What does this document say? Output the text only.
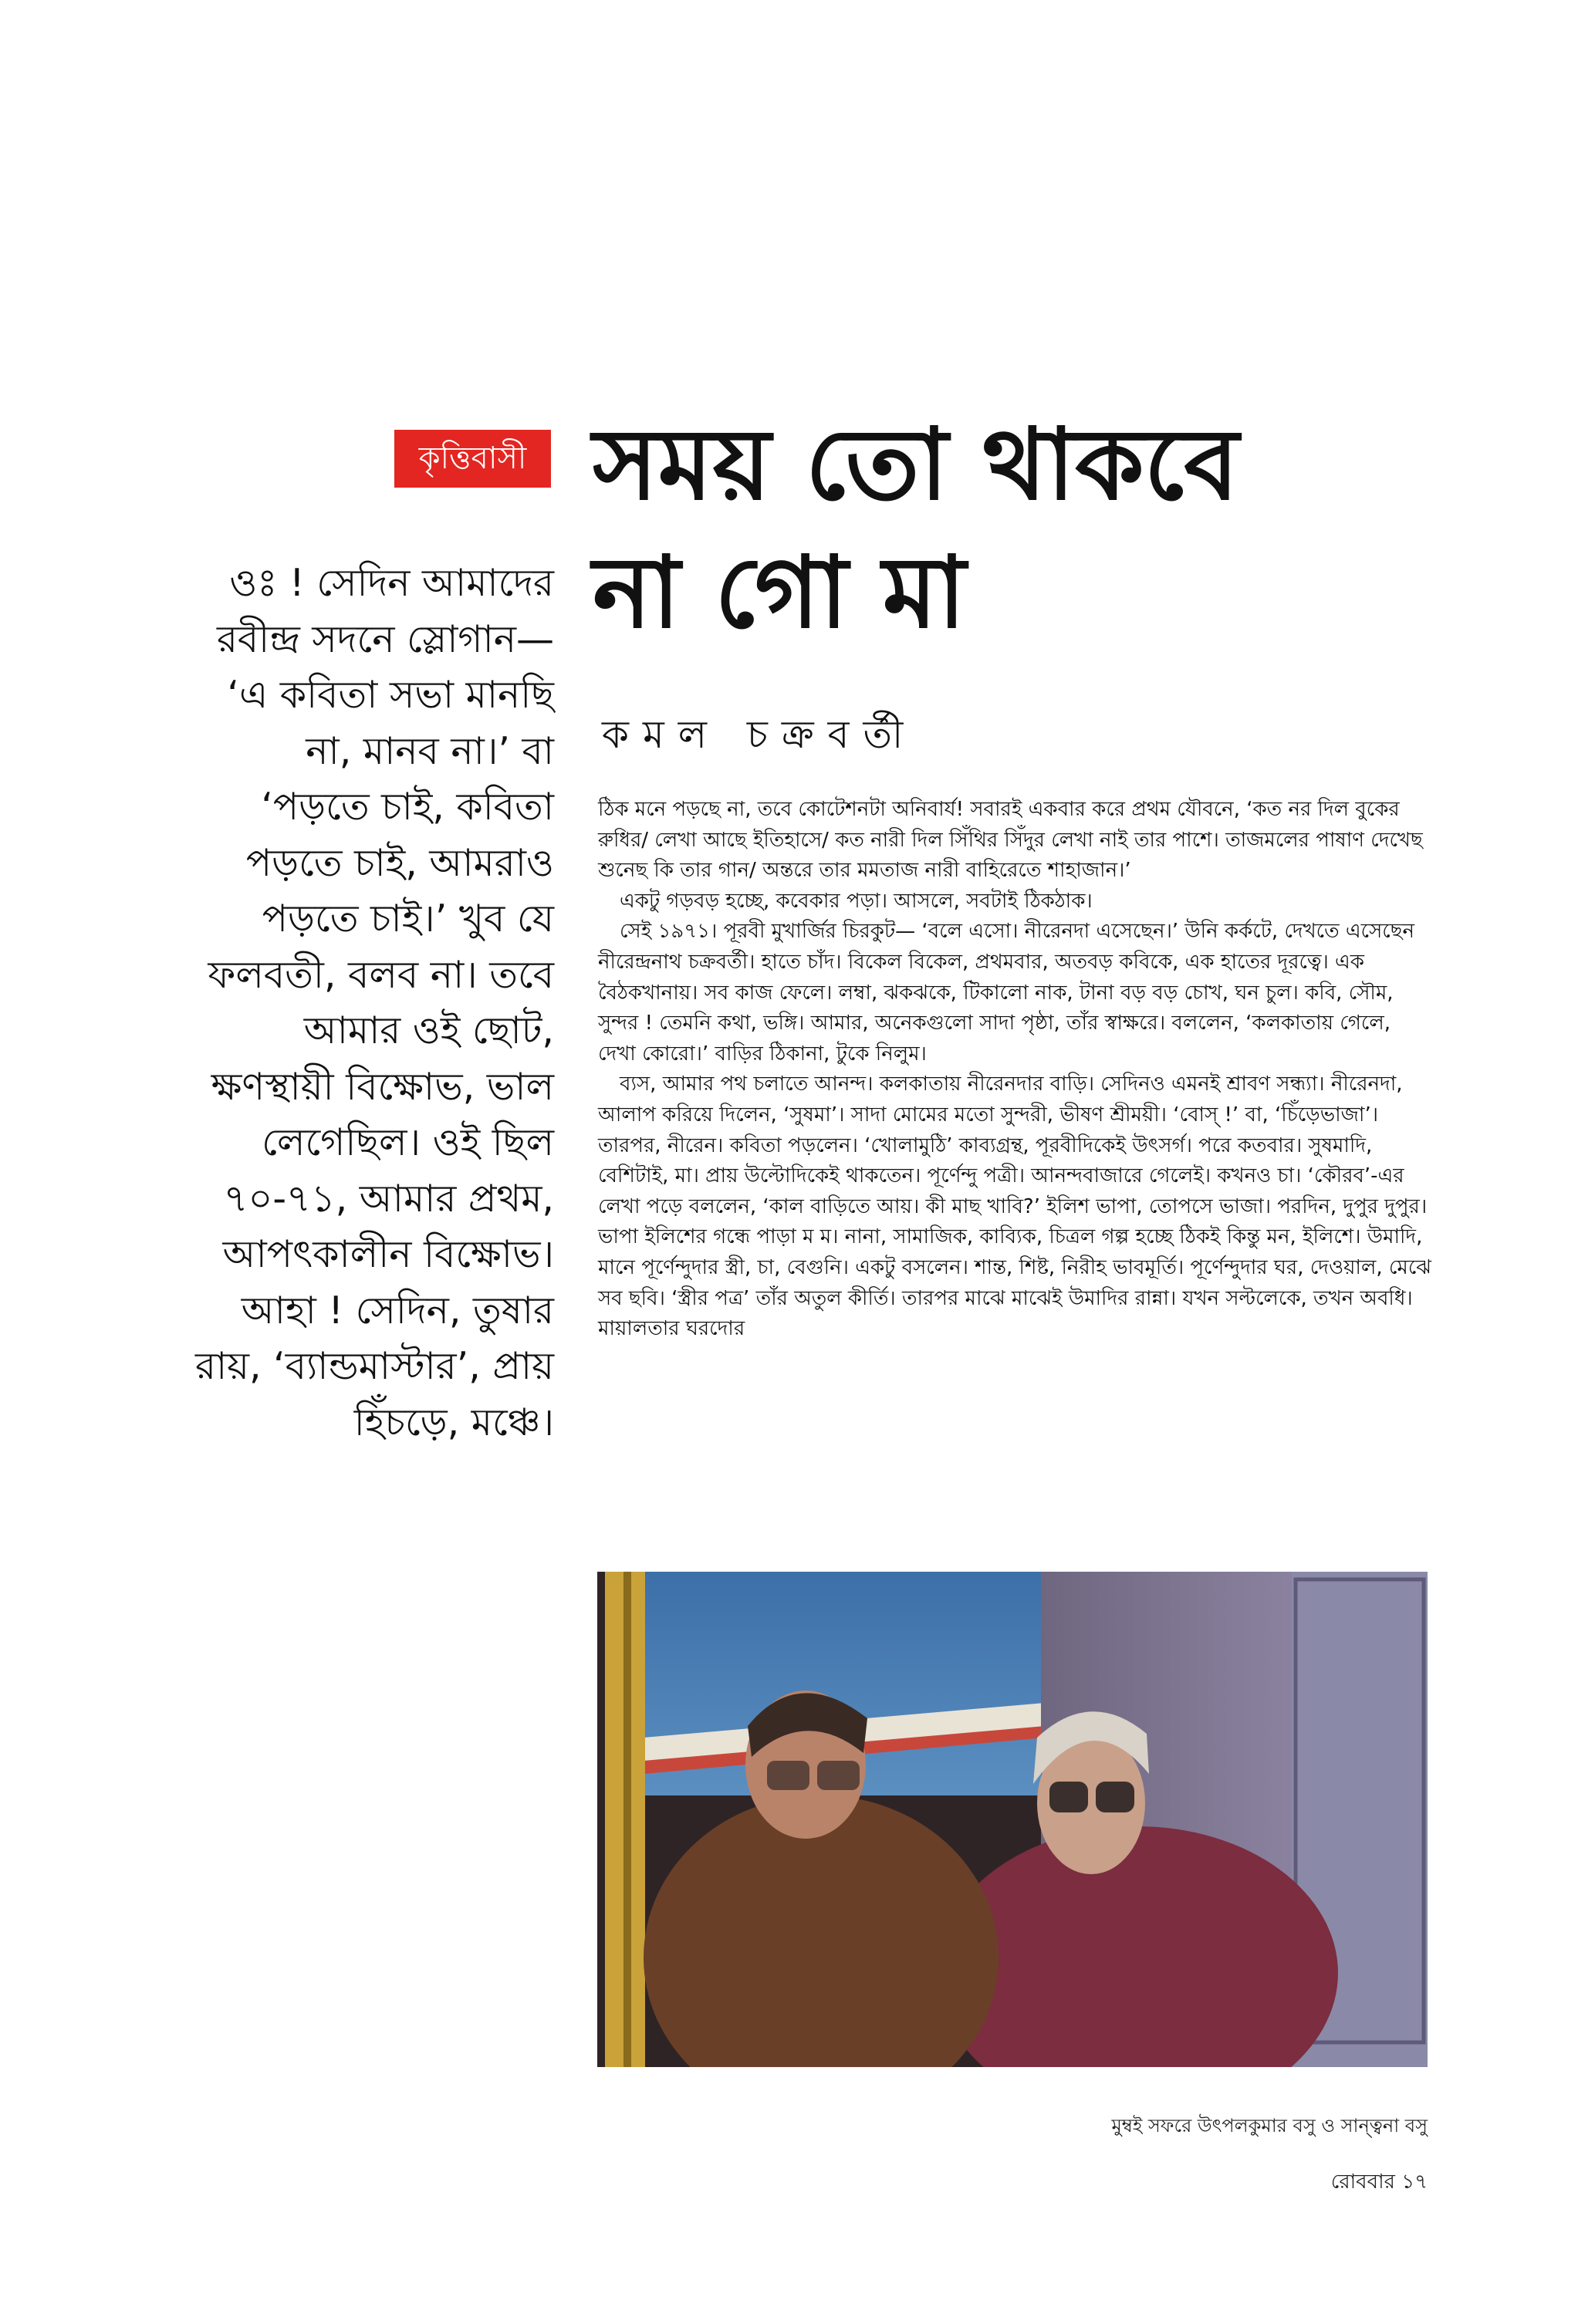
কৃত্তিবাসী সময় তো থাকবে
না গো মা

কমল চক্রবর্তী

ওঃ ! সেদিন আমাদের
রবীন্দ্র সদনে স্লোগান—
‘এ কবিতা সভা মানছি
না, মানব না।’ বা
‘পড়তে চাই, কবিতা
পড়তে চাই, আমরাও
পড়তে চাই।’ খুব যে
ফলবতী, বলব না। তবে
আমার ওই ছোট,
ক্ষণস্থায়ী বিক্ষোভ, ভাল
লেগেছিল। ওই ছিল
৭০-৭১, আমার প্রথম,
আপৎকালীন বিক্ষোভ।
আহা ! সেদিন, তুষার
রায়, ‘ব্যান্ডমাস্টার’, প্রায়
হিঁচড়ে, মঞ্চে।

ঠিক মনে পড়ছে না, তবে কোটেশনটা অনিবার্য! সবারই একবার করে প্রথম যৌবনে, ‘কত নর দিল বুকের রুধির/ লেখা আছে ইতিহাসে/ কত নারী দিল সিঁথির সিঁদুর লেখা নাই তার পাশে। তাজমলের পাষাণ দেখেছ শুনেছ কি তার গান/ অন্তরে তার মমতাজ নারী বাহিরেতে শাহাজান।’

একটু গড়বড় হচ্ছে, কবেকার পড়া। আসলে, সবটাই ঠিকঠাক।

সেই ১৯৭১। পূরবী মুখার্জির চিরকুট— ‘বলে এসো। নীরেনদা এসেছেন।’ উনি কর্কটে, দেখতে এসেছেন নীরেন্দ্রনাথ চক্রবর্তী। হাতে চাঁদ। বিকেল বিকেল, প্রথমবার, অতবড় কবিকে, এক হাতের দূরত্বে। এক বৈঠকখানায়। সব কাজ ফেলে। লম্বা, ঝকঝকে, টিকালো নাক, টানা বড় বড় চোখ, ঘন চুল। কবি, সৌম, সুন্দর ! তেমনি কথা, ভঙ্গি। আমার, অনেকগুলো সাদা পৃষ্ঠা, তাঁর স্বাক্ষরে। বললেন, ‘কলকাতায় গেলে, দেখা কোরো।’ বাড়ির ঠিকানা, টুকে নিলুম।

ব্যস, আমার পথ চলাতে আনন্দ। কলকাতায় নীরেনদার বাড়ি। সেদিনও এমনই শ্রাবণ সন্ধ্যা। নীরেনদা, আলাপ করিয়ে দিলেন, ‘সুষমা’। সাদা মোমের মতো সুন্দরী, ভীষণ শ্রীময়ী। ‘বোস্ !’ বা, ‘চিঁড়েভাজা’। তারপর, নীরেন। কবিতা পড়লেন। ‘খোলামুঠি’ কাব্যগ্রন্থ, পূরবীদিকেই উৎসর্গ। পরে কতবার। সুষমাদি, বেশিটাই, মা। প্রায় উল্টোদিকেই থাকতেন। পূর্ণেন্দু পত্রী। আনন্দবাজারে গেলেই। কখনও চা। ‘কৌরব’-এর লেখা পড়ে বললেন, ‘কাল বাড়িতে আয়। কী মাছ খাবি?’ ইলিশ ভাপা, তোপসে ভাজা। পরদিন, দুপুর দুপুর। ভাপা ইলিশের গন্ধে পাড়া ম ম। নানা, সামাজিক, কাব্যিক, চিত্রল গল্প হচ্ছে ঠিকই কিন্তু মন, ইলিশে। উমাদি, মানে পূর্ণেন্দুদার স্ত্রী, চা, বেগুনি। একটু বসলেন। শান্ত, শিষ্ট, নিরীহ ভাবমূর্তি। পূর্ণেন্দুদার ঘর, দেওয়াল, মেঝে সব ছবি। ‘স্ত্রীর পত্র’ তাঁর অতুল কীর্তি। তারপর মাঝে মাঝেই উমাদির রান্না। যখন সল্টলেকে, তখন অবধি। মায়ালতার ঘরদোর

মুম্বই সফরে উৎপলকুমার বসু ও সান্ত্বনা বসু
রোববার ১৭
